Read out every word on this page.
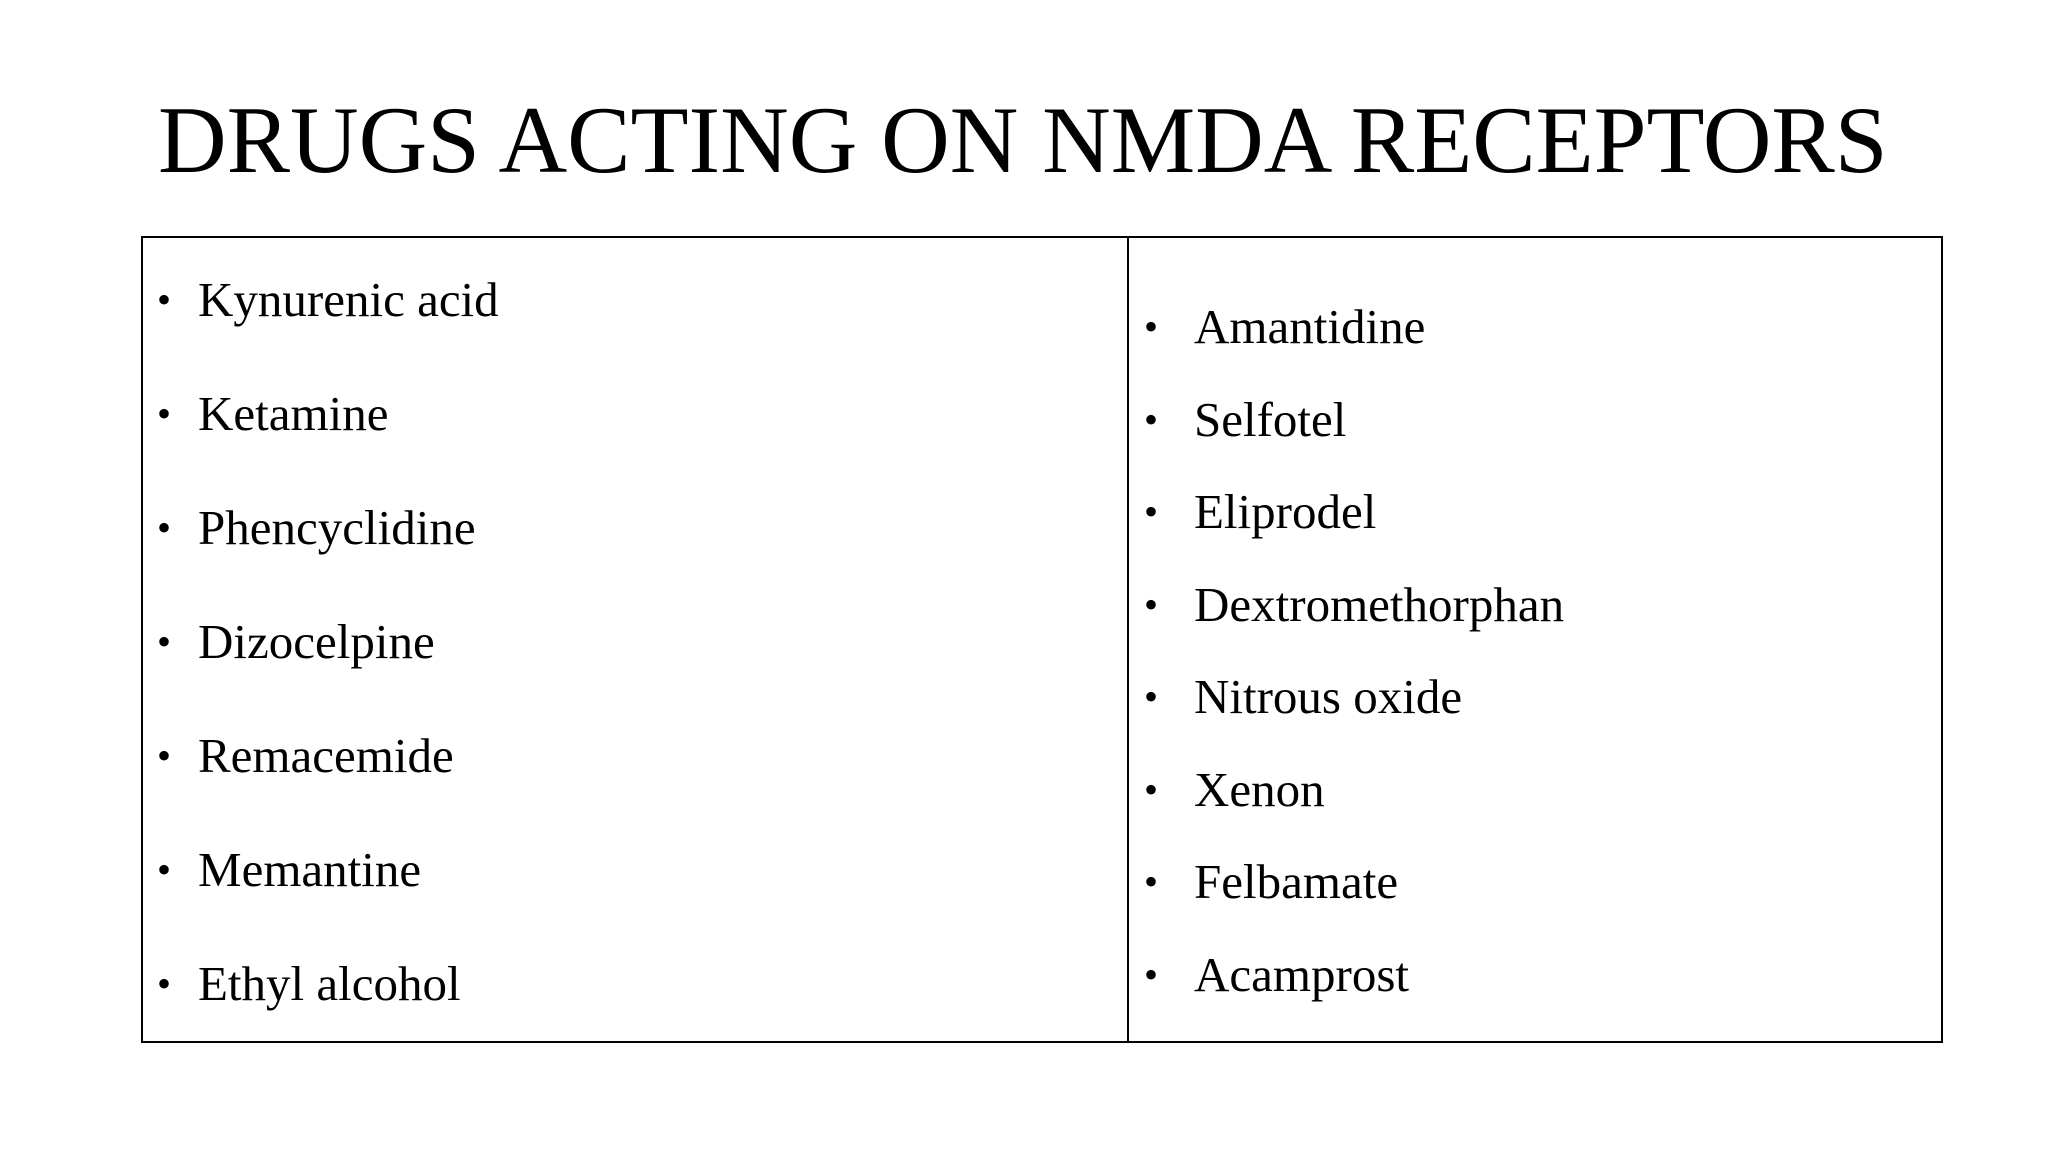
DRUGS ACTING ON NMDA RECEPTORS
• Kynurenic acid
• Ketamine
• Phencyclidine
• Dizocelpine
• Remacemide
• Memantine
• Ethyl alcohol
• Amantidine
• Selfotel
• Eliprodel
• Dextromethorphan
• Nitrous oxide
• Xenon
• Felbamate
• Acamprost
